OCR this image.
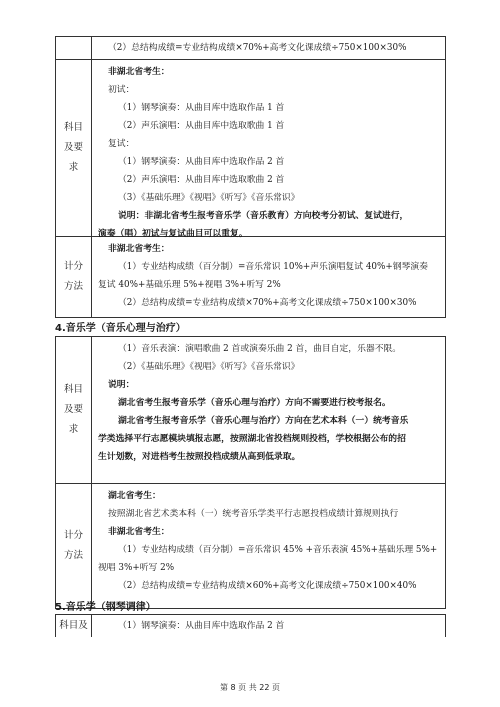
（2）总结构成绩=专业结构成绩×70%+高考文化课成绩÷750×100×30%

科目及要求

非湖北省考生：

初试：

（1）钢琴演奏：从曲目库中选取作品 1 首

（2）声乐演唱：从曲目库中选取歌曲 1 首

复试：

（1）钢琴演奏：从曲目库中选取作品 2 首

（2）声乐演唱：从曲目库中选取歌曲 2 首

（3）《基础乐理》《视唱》《听写》《音乐常识》

说明：非湖北省考生报考音乐学（音乐教育）方向校考分初试、复试进行，

演奏（唱）初试与复试曲目可以重复。

计分方法

非湖北省考生：

（1）专业结构成绩（百分制）=音乐常识 10%+声乐演唱复试 40%+钢琴演奏

复试 40%+基础乐理 5%+视唱 3%+听写 2%

（2）总结构成绩=专业结构成绩×70%+高考文化课成绩÷750×100×30%

4.音乐学（音乐心理与治疗）
科目及要求

（1）音乐表演：演唱歌曲 2 首或演奏乐曲 2 首，曲目自定，乐器不限。

（2）《基础乐理》《视唱》《听写》《音乐常识》

说明：

湖北省考生报考音乐学（音乐心理与治疗）方向不需要进行校考报名。

湖北省考生报考音乐学（音乐心理与治疗）方向在艺术本科（一）统考音乐

学类选择平行志愿模块填报志愿，按照湖北省投档规则投档，学校根据公布的招

生计划数，对进档考生按照投档成绩从高到低录取。

计分方法

湖北省考生：

按照湖北省艺术类本科（一）统考音乐学类平行志愿投档成绩计算规则执行

非湖北省考生：

（1）专业结构成绩（百分制）=音乐常识 45% +音乐表演 45%+基础乐理 5%+

视唱 3%+听写 2%

（2）总结构成绩=专业结构成绩×60%+高考文化课成绩÷750×100×40%

5.音乐学（钢琴调律）
科目及	（1）钢琴演奏：从曲目库中选取作品 2 首

第 8 页 共 22 页
